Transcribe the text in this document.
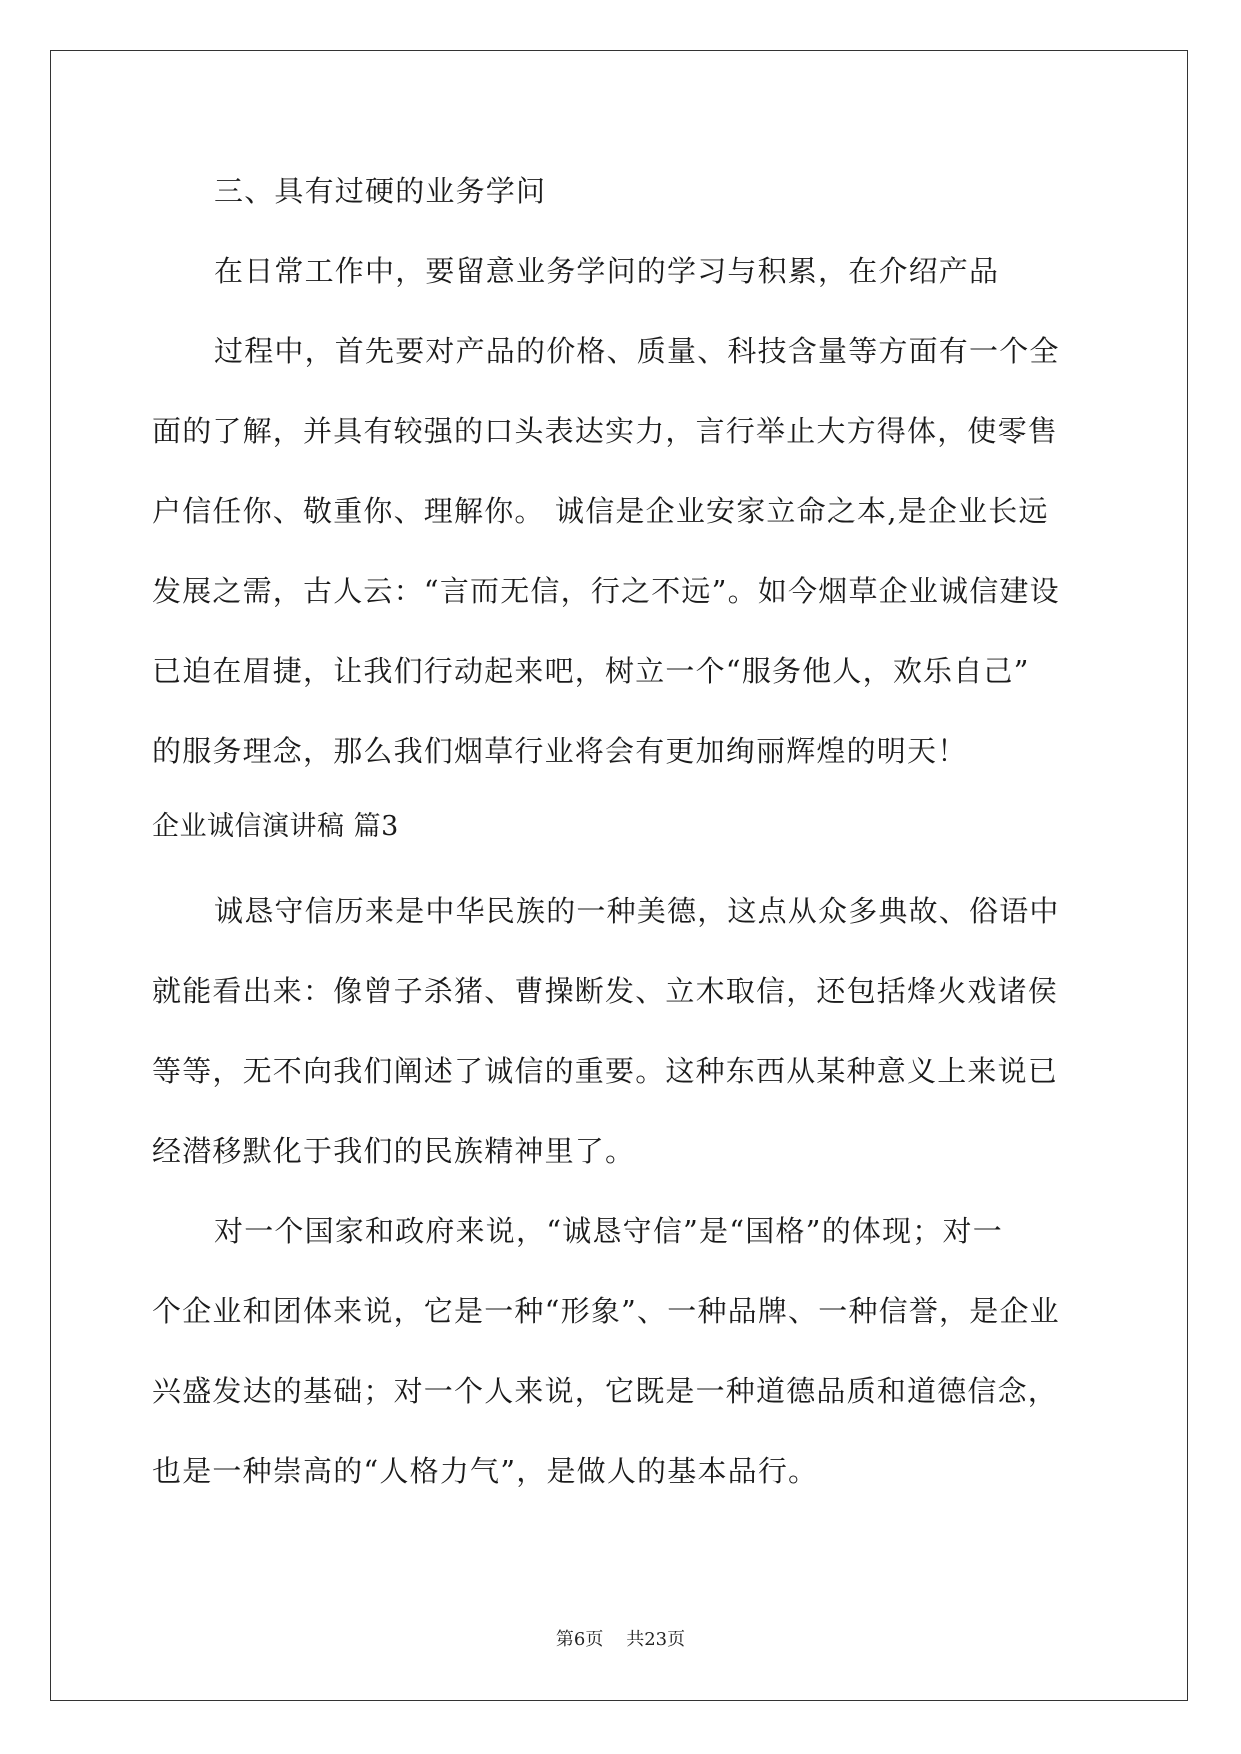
三、具有过硬的业务学问
在日常工作中，要留意业务学问的学习与积累，在介绍产品
过程中，首先要对产品的价格、质量、科技含量等方面有一个全
面的了解，并具有较强的口头表达实力，言行举止大方得体，使零售
户信任你、敬重你、理解你。 诚信是企业安家立命之本,是企业长远
发展之需，古人云：“言而无信，行之不远”。如今烟草企业诚信建设
已迫在眉捷，让我们行动起来吧，树立一个“服务他人，欢乐自己”
的服务理念，那么我们烟草行业将会有更加绚丽辉煌的明天！
企业诚信演讲稿 篇3
诚恳守信历来是中华民族的一种美德，这点从众多典故、俗语中
就能看出来：像曾子杀猪、曹操断发、立木取信，还包括烽火戏诸侯
等等，无不向我们阐述了诚信的重要。这种东西从某种意义上来说已
经潜移默化于我们的民族精神里了。
对一个国家和政府来说，“诚恳守信”是“国格”的体现；对一
个企业和团体来说，它是一种“形象”、一种品牌、一种信誉，是企业
兴盛发达的基础；对一个人来说，它既是一种道德品质和道德信念，
也是一种崇高的“人格力气”，是做人的基本品行。
第6页 共23页
